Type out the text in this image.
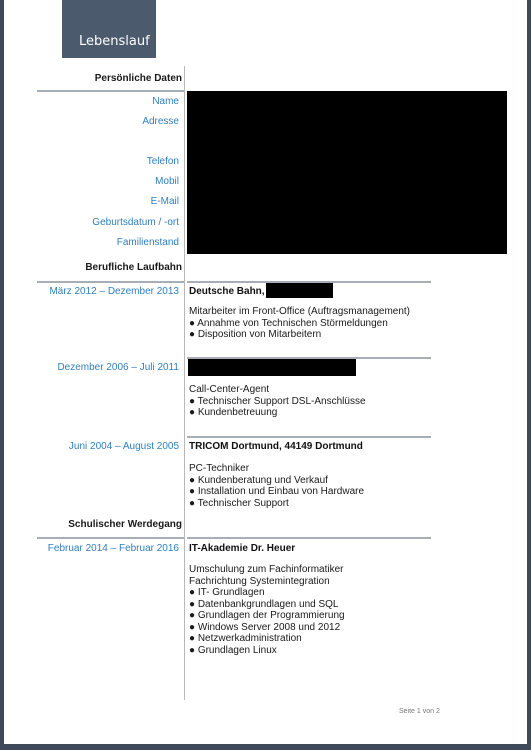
Lebenslauf
Persönliche Daten
Name
Adresse
Telefon
Mobil
E-Mail
Geburtsdatum / -ort
Familienstand
Berufliche Laufbahn
März 2012 – Dezember 2013 Deutsche Bahn,
Mitarbeiter im Front-Office (Auftragsmanagement)
● Annahme von Technischen Störmeldungen
● Disposition von Mitarbeitern
Dezember 2006 – Juli 2011
Call-Center-Agent
● Technischer Support DSL-Anschlüsse
● Kundenbetreuung
Juni 2004 – August 2005 TRICOM Dortmund, 44149 Dortmund
PC-Techniker
● Kundenberatung und Verkauf
● Installation und Einbau von Hardware
● Technischer Support
Schulischer Werdegang
Februar 2014 – Februar 2016 IT-Akademie Dr. Heuer
Umschulung zum Fachinformatiker
Fachrichtung Systemintegration
● IT- Grundlagen
● Datenbankgrundlagen und SQL
● Grundlagen der Programmierung
● Windows Server 2008 und 2012
● Netzwerkadministration
● Grundlagen Linux
Seite 1 von 2
